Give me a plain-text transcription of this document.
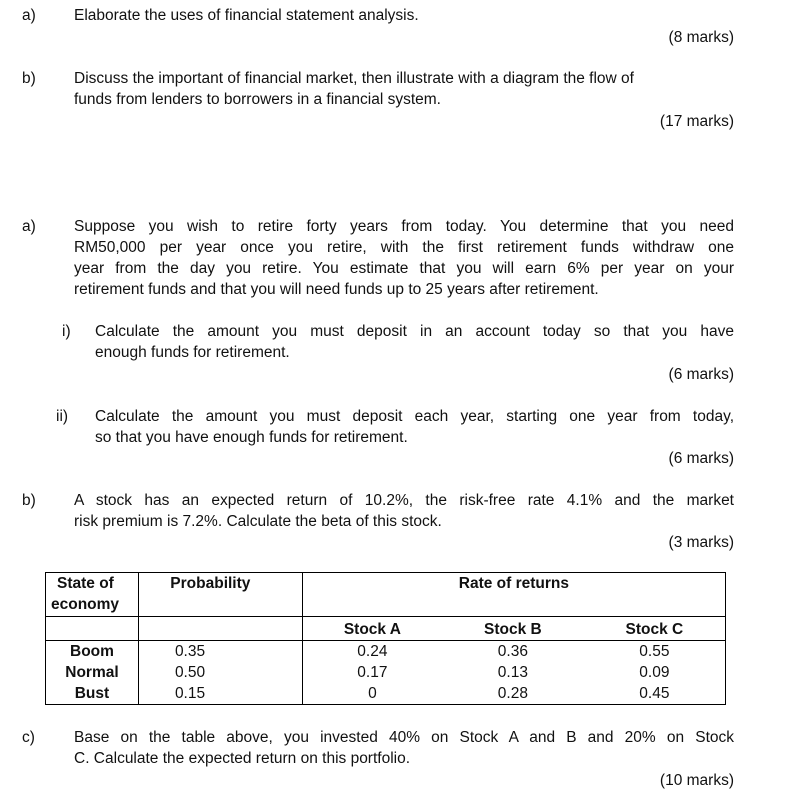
a) Elaborate the uses of financial statement analysis.
(8 marks)
b) Discuss the important of financial market, then illustrate with a diagram the flow of
funds from lenders to borrowers in a financial system.
(17 marks)
a) Suppose you wish to retire forty years from today. You determine that you need
RM50,000 per year once you retire, with the first retirement funds withdraw one
year from the day you retire. You estimate that you will earn 6% per year on your
retirement funds and that you will need funds up to 25 years after retirement.
i) Calculate the amount you must deposit in an account today so that you have
enough funds for retirement.
(6 marks)
ii) Calculate the amount you must deposit each year, starting one year from today,
so that you have enough funds for retirement.
(6 marks)
b) A stock has an expected return of 10.2%, the risk-free rate 4.1% and the market
risk premium is 7.2%. Calculate the beta of this stock.
(3 marks)
State of
economy	Probability	Rate of returns		
		Stock A	Stock B	Stock C
Boom	0.35	0.24	0.36	0.55
Normal	0.50	0.17	0.13	0.09
Bust	0.15	0	0.28	0.45
c)	Base on the table above, you invested 40% on Stock A and B and 20% on Stock
C. Calculate the expected return on this portfolio.
(10 marks)
